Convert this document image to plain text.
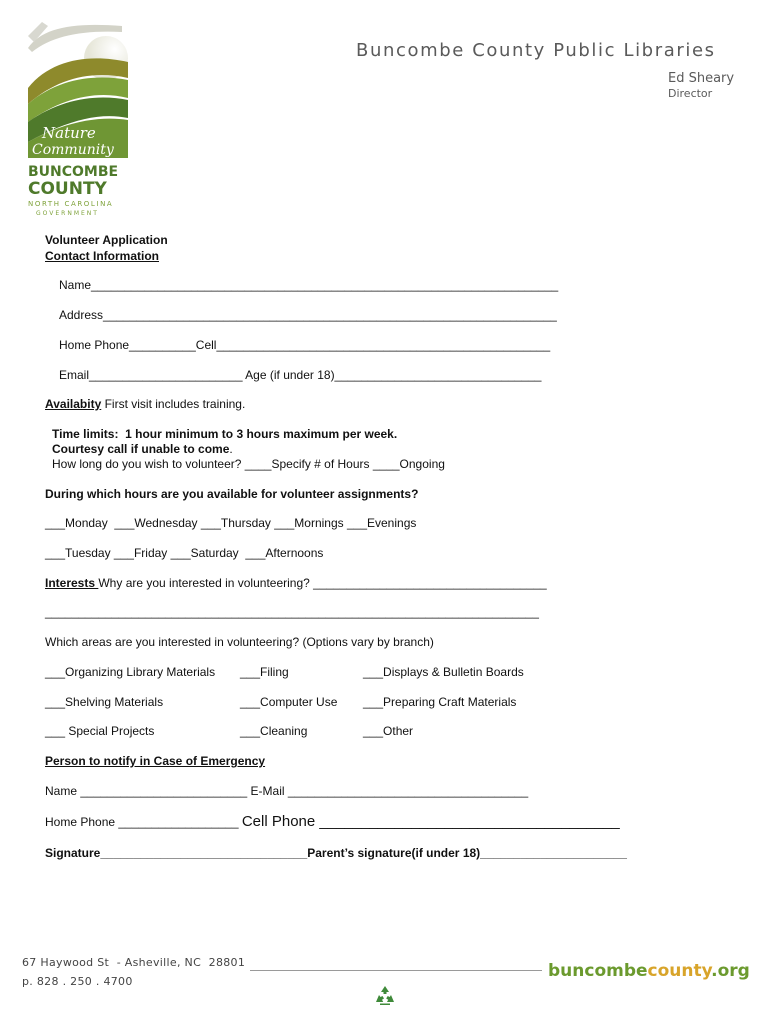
Nature
Community
BUNCOMBE
COUNTY
NORTH CAROLINA
GOVERNMENT
Buncombe County Public Libraries
Ed Sheary
Director
Volunteer Application
Contact Information
Name______________________________________________________________________
Address____________________________________________________________________
Home Phone__________Cell__________________________________________________
Email_______________________ Age (if under 18)_______________________________
Availabity First visit includes training.
Time limits:  1 hour minimum to 3 hours maximum per week.
Courtesy call if unable to come.
How long do you wish to volunteer? ____Specify # of Hours ____Ongoing
During which hours are you available for volunteer assignments?
___Monday  ___Wednesday ___Thursday ___Mornings ___Evenings
___Tuesday ___Friday ___Saturday  ___Afternoons
Interests Why are you interested in volunteering? ___________________________________
__________________________________________________________________________
Which areas are you interested in volunteering? (Options vary by branch)
___Organizing Library Materials ___Filing	___Displays & Bulletin Boards
___Shelving Materials	___Computer Use ___Preparing Craft Materials
___ Special Projects	___Cleaning	___Other
Person to notify in Case of Emergency
Name _________________________ E-Mail ____________________________________
Home Phone __________________ Cell Phone ____________________________________
Signature_______________________________Parent’s signature(if under 18)______________________
67 Haywood St  - Asheville, NC  28801
p. 828 . 250 . 4700
buncombecounty.org
